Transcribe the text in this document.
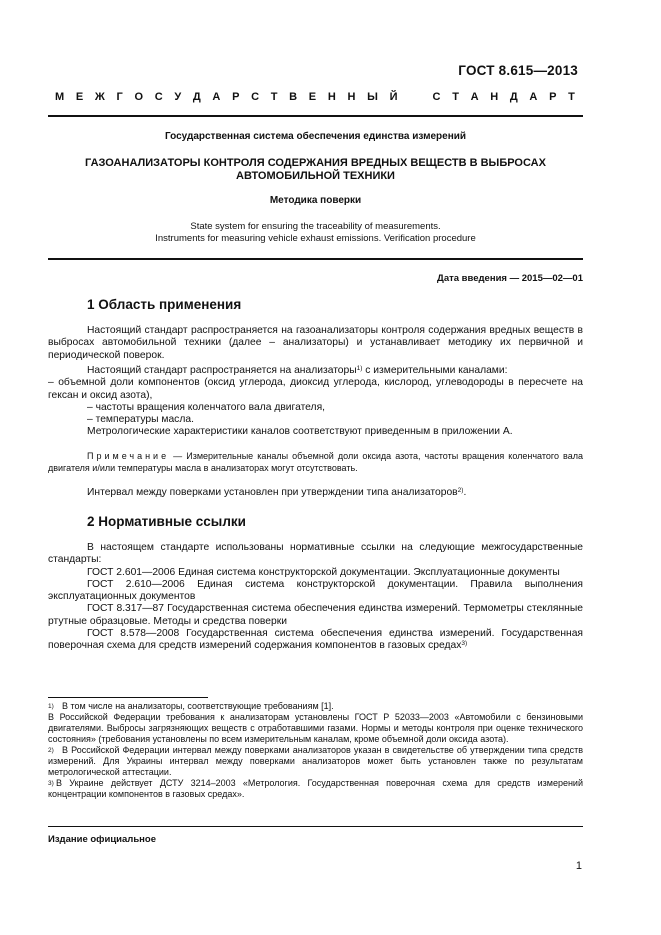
ГОСТ 8.615—2013
М Е Ж Г О С У Д А Р С Т В Е Н Н Ы Й	С Т А Н Д А Р Т
Государственная система обеспечения единства измерений
ГАЗОАНАЛИЗАТОРЫ КОНТРОЛЯ СОДЕРЖАНИЯ ВРЕДНЫХ ВЕЩЕСТВ В ВЫБРОСАХ
АВТОМОБИЛЬНОЙ ТЕХНИКИ
Методика поверки
State system for ensuring the traceability of measurements.
Instruments for measuring vehicle exhaust emissions. Verification procedure
Дата введения — 2015—02—01
1 Область применения
Настоящий стандарт распространяется на газоанализаторы контроля содержания вредных веществ в выбросах автомобильной техники (далее – анализаторы) и устанавливает методику их первичной и периодической поверок.
Настоящий стандарт распространяется на анализаторы$^{1)}$ с измерительными каналами:
– объемной доли компонентов (оксид углерода, диоксид углерода, кислород, углеводороды в пересчете на гексан и оксид азота),
– частоты вращения коленчатого вала двигателя,
– температуры масла.
Метрологические характеристики каналов соответствуют приведенным в приложении А.
Примечание — Измерительные каналы объемной доли оксида азота, частоты вращения коленчатого вала двигателя и/или температуры масла в анализаторах могут отсутствовать.
Интервал между поверками установлен при утверждении типа анализаторов$^{2)}$.
2 Нормативные ссылки
В настоящем стандарте использованы нормативные ссылки на следующие межгосударственные стандарты:
ГОСТ 2.601—2006 Единая система конструкторской документации. Эксплуатационные документы
ГОСТ 2.610—2006 Единая система конструкторской документации. Правила выполнения эксплуатационных документов
ГОСТ 8.317—87 Государственная система обеспечения единства измерений. Термометры стеклянные ртутные образцовые. Методы и средства поверки
ГОСТ 8.578—2008 Государственная система обеспечения единства измерений. Государственная поверочная схема для средств измерений содержания компонентов в газовых средах$^{3)}$
1) В том числе на анализаторы, соответствующие требованиям [1].
В Российской Федерации требования к анализаторам установлены ГОСТ Р 52033—2003 «Автомобили с бензиновыми двигателями. Выбросы загрязняющих веществ с отработавшими газами. Нормы и методы контроля при оценке технического состояния» (требования установлены по всем измерительным каналам, кроме объемной доли оксида азота).
2) В Российской Федерации интервал между поверками анализаторов указан в свидетельстве об утверждении типа средств измерений. Для Украины интервал между поверками анализаторов может быть установлен также по результатам метрологической аттестации.
3) В Украине действует ДСТУ 3214–2003 «Метрология. Государственная поверочная схема для средств измерений концентрации компонентов в газовых средах».
Издание официальное
1
